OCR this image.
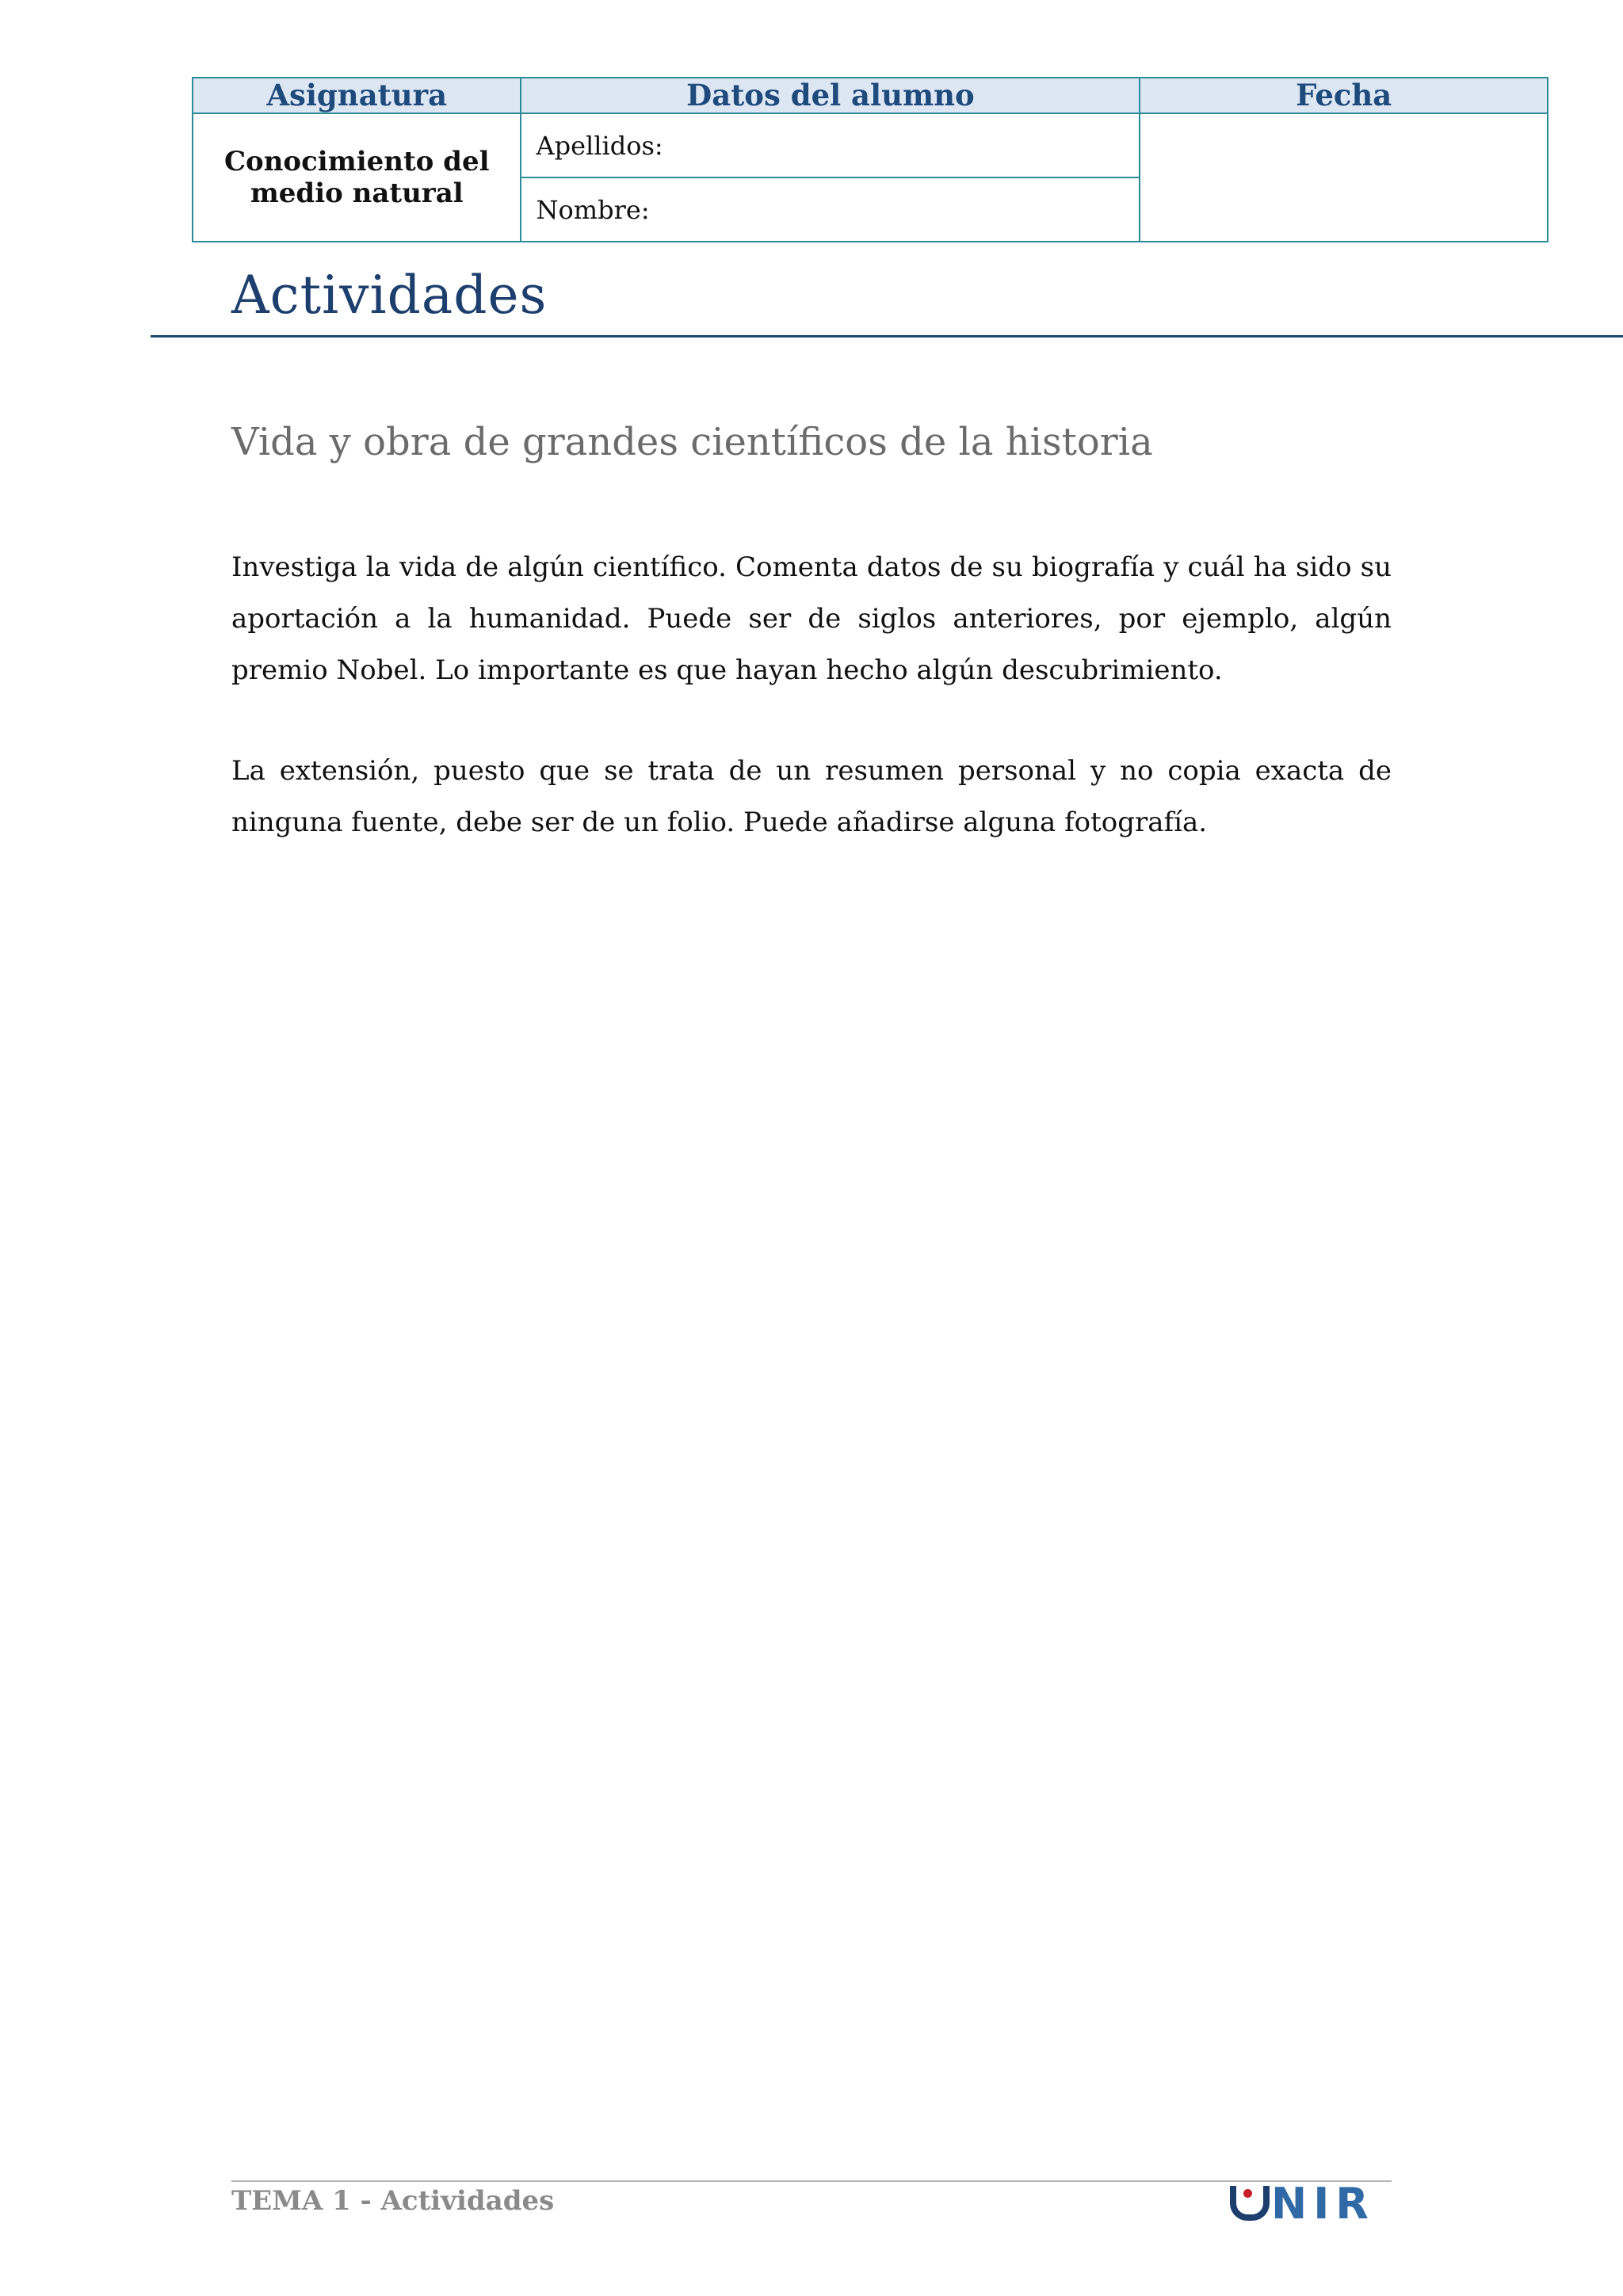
Asignatura	Datos del alumno	Fecha

Conocimiento del
medio natural	Apellidos:	
	Nombre:	
Actividades
Vida y obra de grandes científicos de la historia

Investiga la vida de algún científico. Comenta datos de su biografía y cuál ha sido su aportación a la humanidad. Puede ser de siglos anteriores, por ejemplo, algún premio Nobel. Lo importante es que hayan hecho algún descubrimiento.

La extensión, puesto que se trata de un resumen personal y no copia exacta de ninguna fuente, debe ser de un folio. Puede añadirse alguna fotografía.

TEMA 1 - Actividades	NIR
